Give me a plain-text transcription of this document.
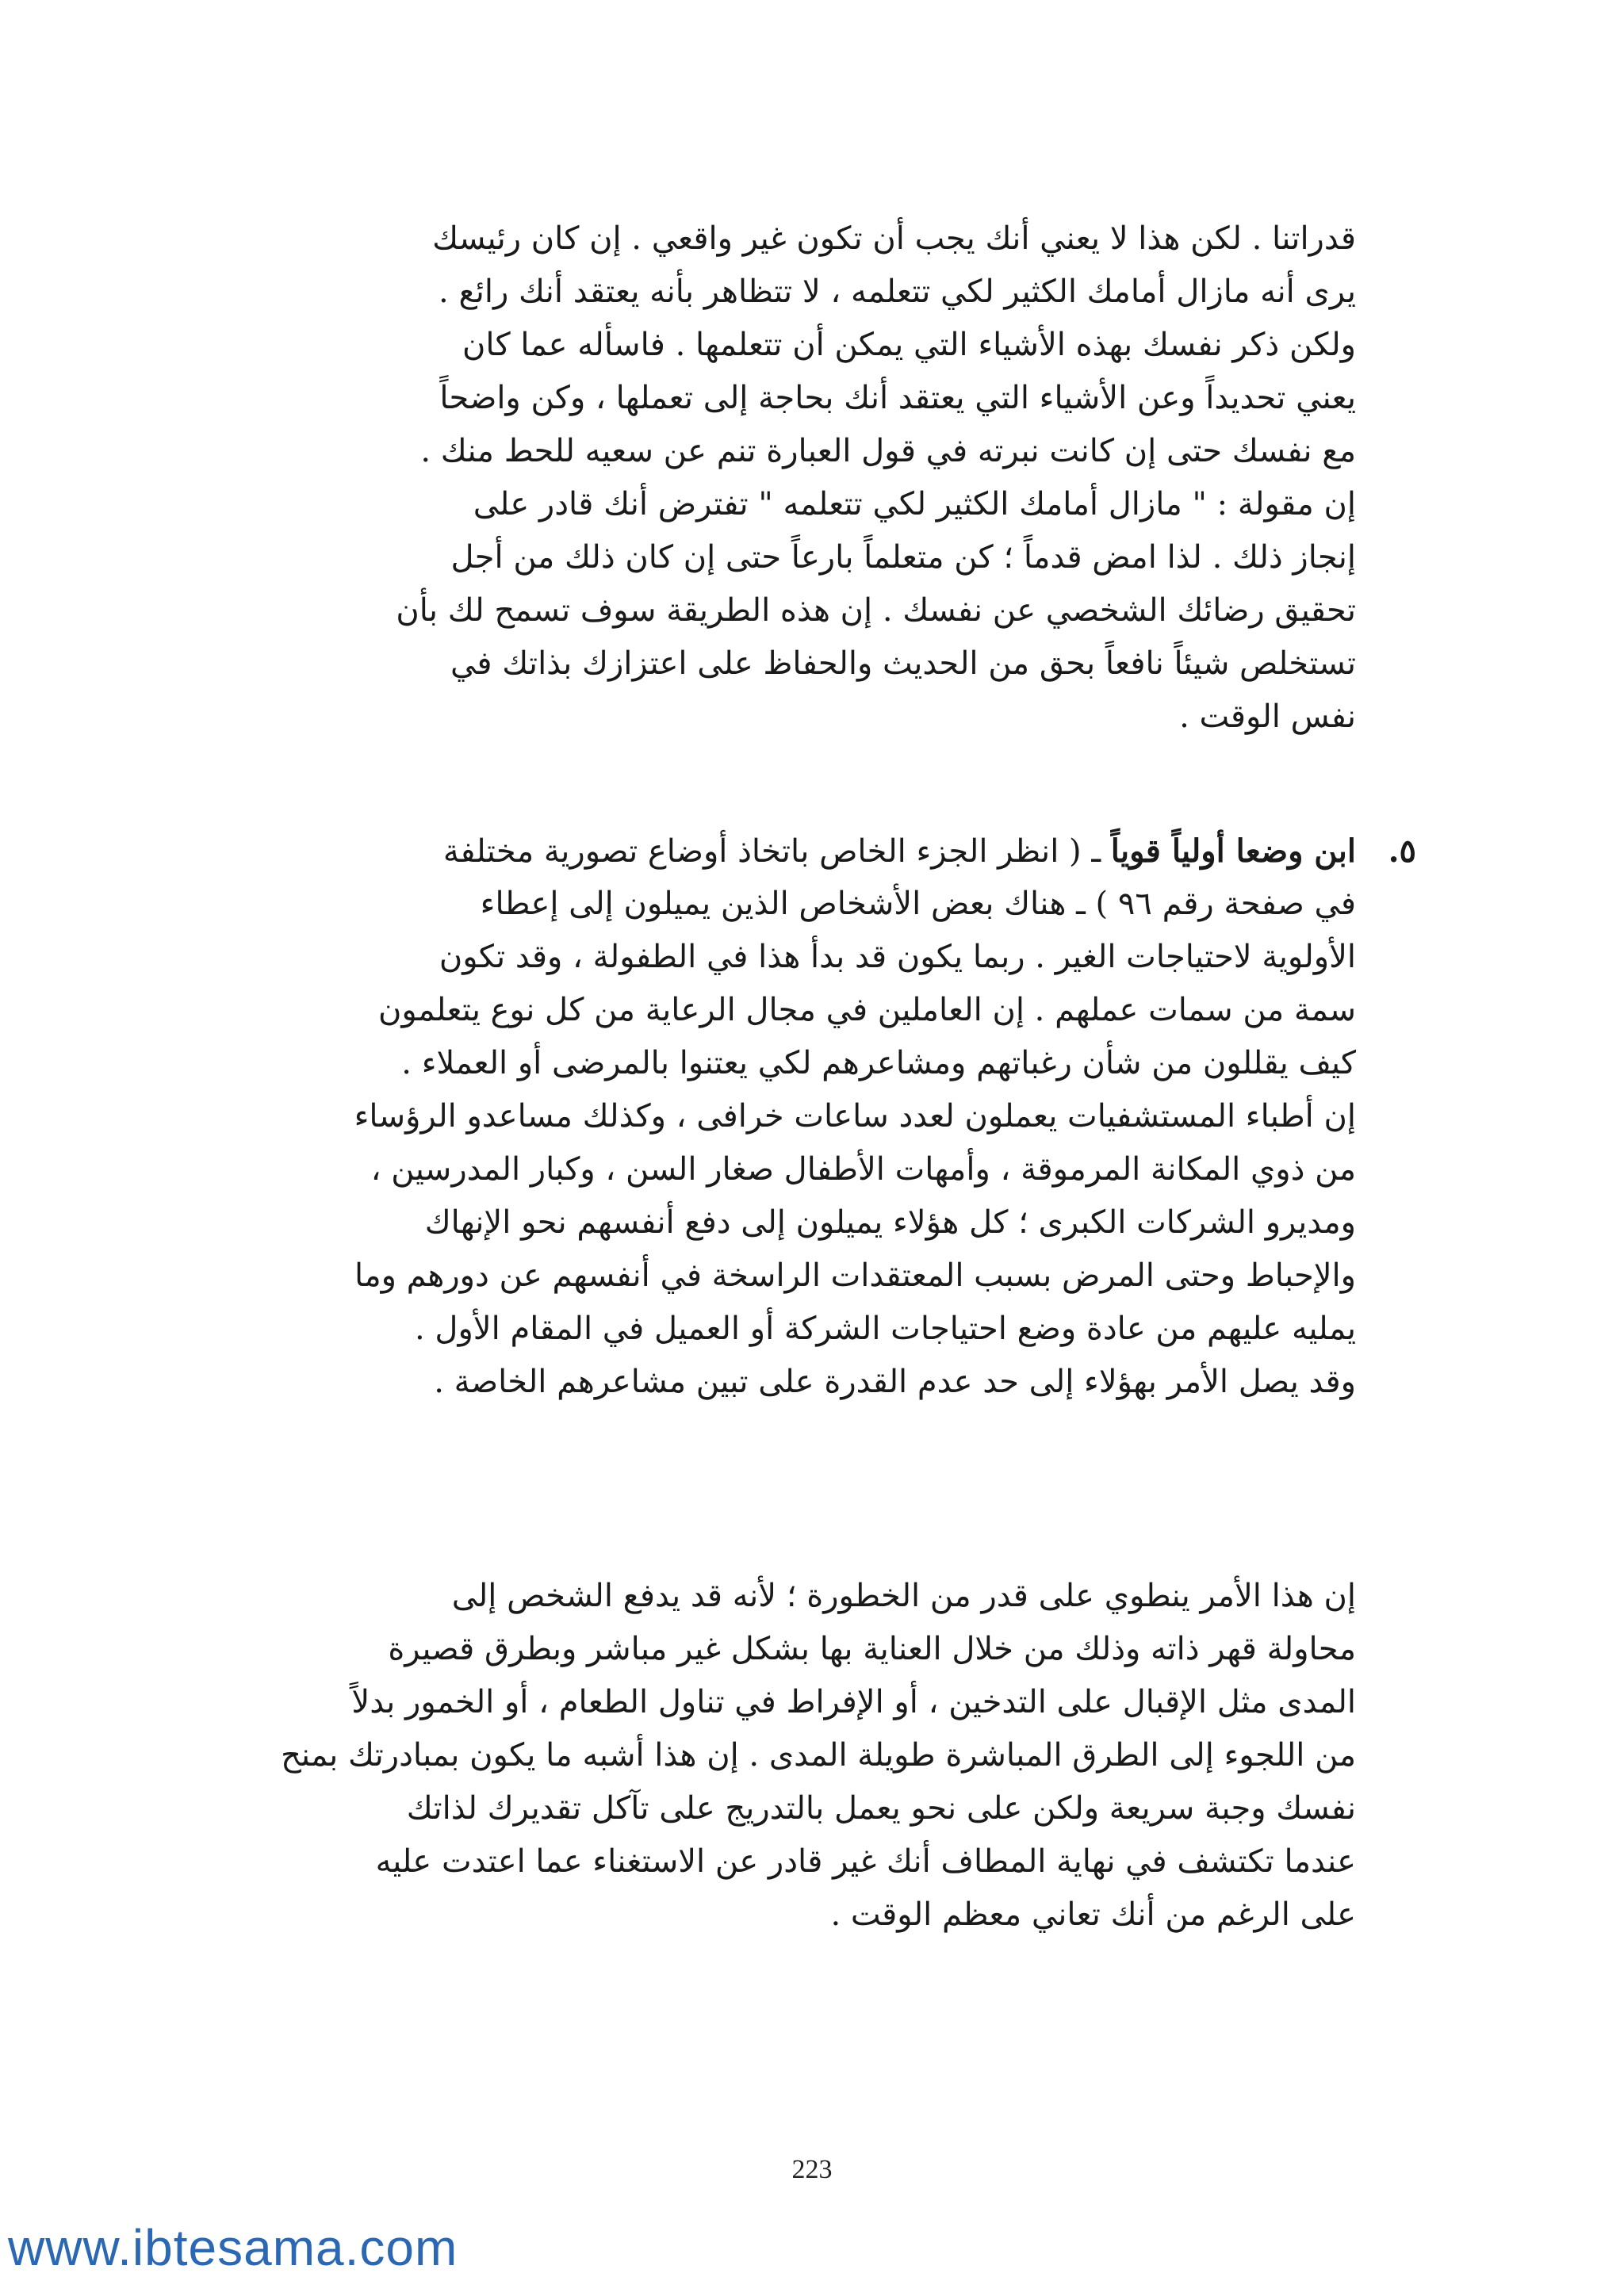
قدراتنا . لكن هذا لا يعني أنك يجب أن تكون غير واقعي . إن كان رئيسك
يرى أنه مازال أمامك الكثير لكي تتعلمه ، لا تتظاهر بأنه يعتقد أنك رائع .
ولكن ذكر نفسك بهذه الأشياء التي يمكن أن تتعلمها . فاسأله عما كان
يعني تحديداً وعن الأشياء التي يعتقد أنك بحاجة إلى تعملها ، وكن واضحاً
مع نفسك حتى إن كانت نبرته في قول العبارة تنم عن سعيه للحط منك .
إن مقولة : " مازال أمامك الكثير لكي تتعلمه " تفترض أنك قادر على
إنجاز ذلك . لذا امض قدماً ؛ كن متعلماً بارعاً حتى إن كان ذلك من أجل
تحقيق رضائك الشخصي عن نفسك . إن هذه الطريقة سوف تسمح لك بأن
تستخلص شيئاً نافعاً بحق من الحديث والحفاظ على اعتزازك بذاتك في
نفس الوقت .
٥.
ابن وضعا أولياً قوياً ـ ( انظر الجزء الخاص باتخاذ أوضاع تصورية مختلفة
في صفحة رقم ٩٦ ) ـ هناك بعض الأشخاص الذين يميلون إلى إعطاء
الأولوية لاحتياجات الغير . ربما يكون قد بدأ هذا في الطفولة ، وقد تكون
سمة من سمات عملهم . إن العاملين في مجال الرعاية من كل نوع يتعلمون
كيف يقللون من شأن رغباتهم ومشاعرهم لكي يعتنوا بالمرضى أو العملاء .
إن أطباء المستشفيات يعملون لعدد ساعات خرافى ، وكذلك مساعدو الرؤساء
من ذوي المكانة المرموقة ، وأمهات الأطفال صغار السن ، وكبار المدرسين ،
ومديرو الشركات الكبرى ؛ كل هؤلاء يميلون إلى دفع أنفسهم نحو الإنهاك
والإحباط وحتى المرض بسبب المعتقدات الراسخة في أنفسهم عن دورهم وما
يمليه عليهم من عادة وضع احتياجات الشركة أو العميل في المقام الأول .
وقد يصل الأمر بهؤلاء إلى حد عدم القدرة على تبين مشاعرهم الخاصة .
إن هذا الأمر ينطوي على قدر من الخطورة ؛ لأنه قد يدفع الشخص إلى
محاولة قهر ذاته وذلك من خلال العناية بها بشكل غير مباشر وبطرق قصيرة
المدى مثل الإقبال على التدخين ، أو الإفراط في تناول الطعام ، أو الخمور بدلاً
من اللجوء إلى الطرق المباشرة طويلة المدى . إن هذا أشبه ما يكون بمبادرتك بمنح
نفسك وجبة سريعة ولكن على نحو يعمل بالتدريج على تآكل تقديرك لذاتك
عندما تكتشف في نهاية المطاف أنك غير قادر عن الاستغناء عما اعتدت عليه
على الرغم من أنك تعاني معظم الوقت .
223
www.ibtesama.com
